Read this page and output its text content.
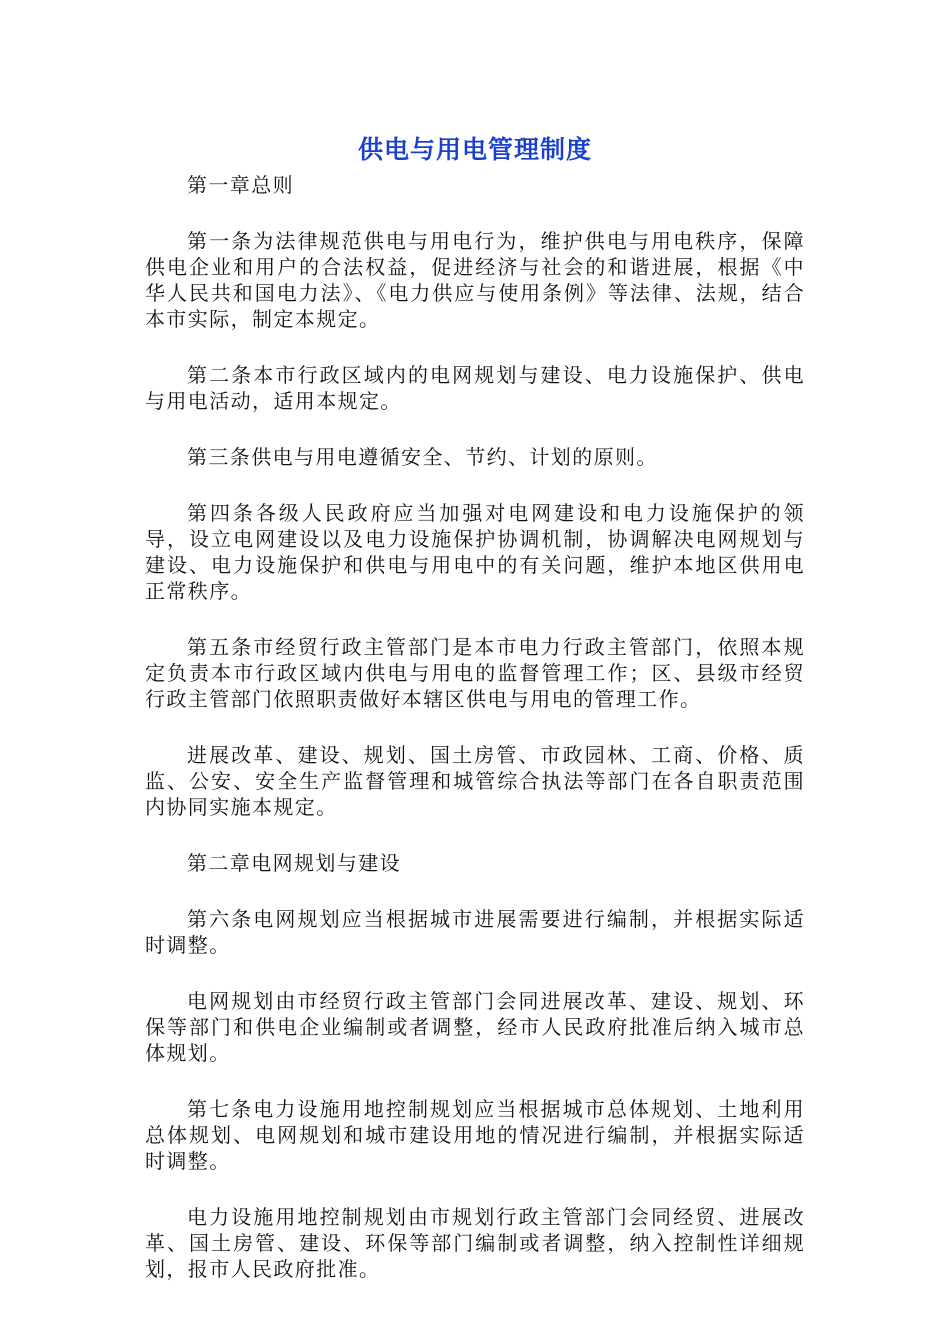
供电与用电管理制度

第一章总则

第一条为法律规范供电与用电行为，维护供电与用电秩序，保障供电企业和用户的合法权益，促进经济与社会的和谐进展，根据《中华人民共和国电力法》、《电力供应与使用条例》等法律、法规，结合本市实际，制定本规定。

第二条本市行政区域内的电网规划与建设、电力设施保护、供电与用电活动，适用本规定。

第三条供电与用电遵循安全、节约、计划的原则。

第四条各级人民政府应当加强对电网建设和电力设施保护的领导，设立电网建设以及电力设施保护协调机制，协调解决电网规划与建设、电力设施保护和供电与用电中的有关问题，维护本地区供用电正常秩序。

第五条市经贸行政主管部门是本市电力行政主管部门，依照本规定负责本市行政区域内供电与用电的监督管理工作；区、县级市经贸行政主管部门依照职责做好本辖区供电与用电的管理工作。

进展改革、建设、规划、国土房管、市政园林、工商、价格、质监、公安、安全生产监督管理和城管综合执法等部门在各自职责范围内协同实施本规定。

第二章电网规划与建设

第六条电网规划应当根据城市进展需要进行编制，并根据实际适时调整。

电网规划由市经贸行政主管部门会同进展改革、建设、规划、环保等部门和供电企业编制或者调整，经市人民政府批准后纳入城市总体规划。

第七条电力设施用地控制规划应当根据城市总体规划、土地利用总体规划、电网规划和城市建设用地的情况进行编制，并根据实际适时调整。

电力设施用地控制规划由市规划行政主管部门会同经贸、进展改革、国土房管、建设、环保等部门编制或者调整，纳入控制性详细规划，报市人民政府批准。
